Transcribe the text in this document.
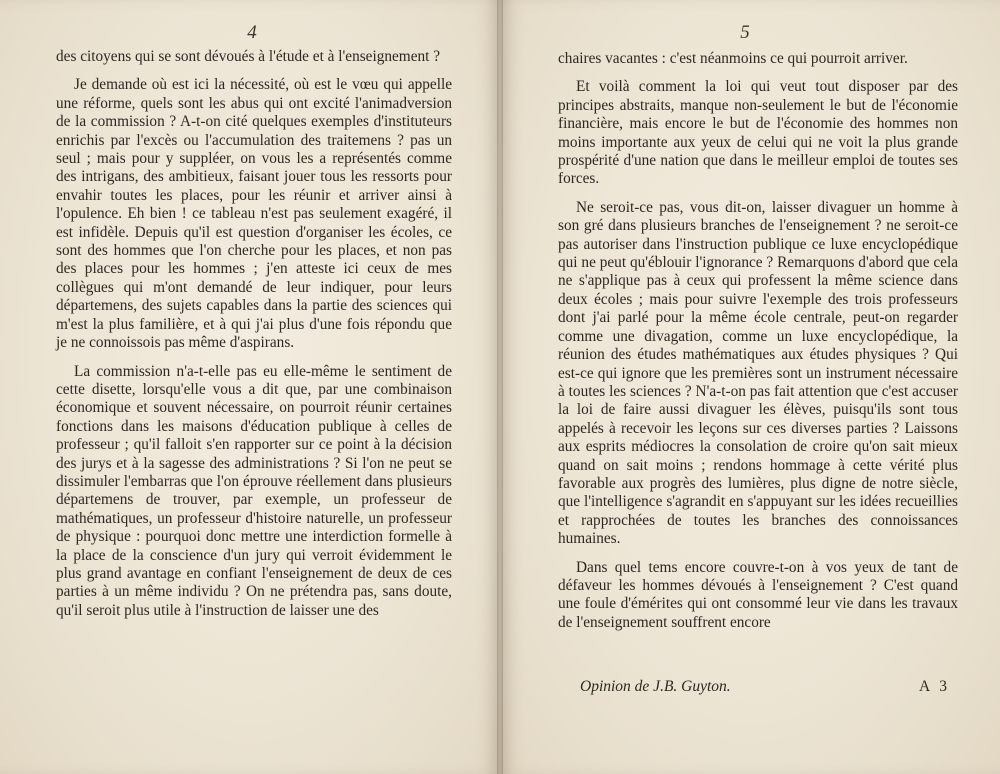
4

des citoyens qui se sont dévoués à l'étude et à l'enseignement ?

Je demande où est ici la nécessité, où est le vœu qui appelle une réforme, quels sont les abus qui ont excité l'animadversion de la commission ? A-t-on cité quelques exemples d'instituteurs enrichis par l'excès ou l'accumulation des traitemens ? pas un seul ; mais pour y suppléer, on vous les a représentés comme des intrigans, des ambitieux, faisant jouer tous les ressorts pour envahir toutes les places, pour les réunir et arriver ainsi à l'opulence. Eh bien ! ce tableau n'est pas seulement exagéré, il est infidèle. Depuis qu'il est question d'organiser les écoles, ce sont des hommes que l'on cherche pour les places, et non pas des places pour les hommes ; j'en atteste ici ceux de mes collègues qui m'ont demandé de leur indiquer, pour leurs départemens, des sujets capables dans la partie des sciences qui m'est la plus familière, et à qui j'ai plus d'une fois répondu que je ne connoissois pas même d'aspirans.

La commission n'a-t-elle pas eu elle-même le sentiment de cette disette, lorsqu'elle vous a dit que, par une combinaison économique et souvent nécessaire, on pourroit réunir certaines fonctions dans les maisons d'éducation publique à celles de professeur ; qu'il falloit s'en rapporter sur ce point à la décision des jurys et à la sagesse des administrations ? Si l'on ne peut se dissimuler l'embarras que l'on éprouve réellement dans plusieurs départemens de trouver, par exemple, un professeur de mathématiques, un professeur d'histoire naturelle, un professeur de physique : pourquoi donc mettre une interdiction formelle à la place de la conscience d'un jury qui verroit évidemment le plus grand avantage en confiant l'enseignement de deux de ces parties à un même individu ? On ne prétendra pas, sans doute, qu'il seroit plus utile à l'instruction de laisser une des

5

chaires vacantes : c'est néanmoins ce qui pourroit arriver.

Et voilà comment la loi qui veut tout disposer par des principes abstraits, manque non-seulement le but de l'économie financière, mais encore le but de l'économie des hommes non moins importante aux yeux de celui qui ne voit la plus grande prospérité d'une nation que dans le meilleur emploi de toutes ses forces.

Ne seroit-ce pas, vous dit-on, laisser divaguer un homme à son gré dans plusieurs branches de l'enseignement ? ne seroit-ce pas autoriser dans l'instruction publique ce luxe encyclopédique qui ne peut qu'éblouir l'ignorance ? Remarquons d'abord que cela ne s'applique pas à ceux qui professent la même science dans deux écoles ; mais pour suivre l'exemple des trois professeurs dont j'ai parlé pour la même école centrale, peut-on regarder comme une divagation, comme un luxe encyclopédique, la réunion des études mathématiques aux études physiques ? Qui est-ce qui ignore que les premières sont un instrument nécessaire à toutes les sciences ? N'a-t-on pas fait attention que c'est accuser la loi de faire aussi divaguer les élèves, puisqu'ils sont tous appelés à recevoir les leçons sur ces diverses parties ? Laissons aux esprits médiocres la consolation de croire qu'on sait mieux quand on sait moins ; rendons hommage à cette vérité plus favorable aux progrès des lumières, plus digne de notre siècle, que l'intelligence s'agrandit en s'appuyant sur les idées recueillies et rapprochées de toutes les branches des connoissances humaines.

Dans quel tems encore couvre-t-on à vos yeux de tant de défaveur les hommes dévoués à l'enseignement ? C'est quand une foule d'émérites qui ont consommé leur vie dans les travaux de l'enseignement souffrent encore

Opinion de J.B. Guyton.	A 3
